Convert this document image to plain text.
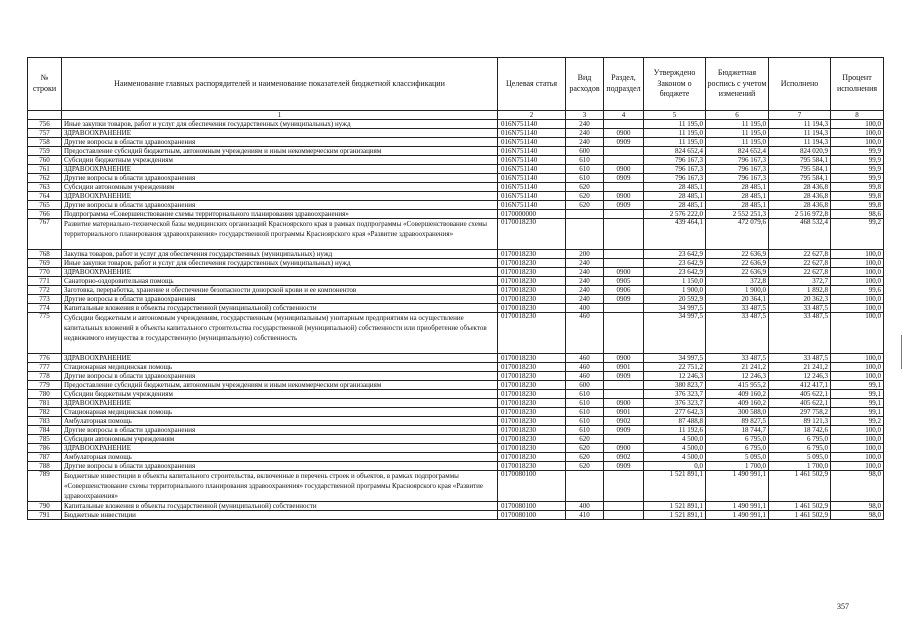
№ строки	Наименование главных распорядителей и наименование показателей бюджетной классификации	Целевая статья	Вид расходов	Раздел, подраздел	Утверждено Законом о бюджете	Бюджетная роспись с учетом изменений	Исполнено	Процент исполнения
	1	2	3	4	5	6	7	8
756	Иные закупки товаров, работ и услуг для обеспечения государственных (муниципальных) нужд	016N751140	240		11 195,0	11 195,0	11 194,3	100,0
757	ЗДРАВООХРАНЕНИЕ	016N751140	240	0900	11 195,0	11 195,0	11 194,3	100,0
758	Другие вопросы в области здравоохранения	016N751140	240	0909	11 195,0	11 195,0	11 194,3	100,0
759	Предоставление субсидий бюджетным, автономным учреждениям и иным некоммерческим организациям	016N751140	600		824 652,4	824 652,4	824 020,9	99,9
760	Субсидии бюджетным учреждениям	016N751140	610		796 167,3	796 167,3	795 584,1	99,9
761	ЗДРАВООХРАНЕНИЕ	016N751140	610	0900	796 167,3	796 167,3	795 584,1	99,9
762	Другие вопросы в области здравоохранения	016N751140	610	0909	796 167,3	796 167,3	795 584,1	99,9
763	Субсидии автономным учреждениям	016N751140	620		28 485,1	28 485,1	28 436,8	99,8
764	ЗДРАВООХРАНЕНИЕ	016N751140	620	0900	28 485,1	28 485,1	28 436,8	99,8
765	Другие вопросы в области здравоохранения	016N751140	620	0909	28 485,1	28 485,1	28 436,8	99,8
766	Подпрограмма «Совершенствование схемы территориального планирования здравоохранения»	0170000000			2 576 222,0	2 552 251,3	2 516 972,8	98,6
767	Развитие материально-технической базы медицинских организаций Красноярского края в рамках подпрограммы «Совершенствование схемы территориального планирования здравоохранения» государственной программы Красноярского края «Развитие здравоохранения»	0170018230			439 464,1	472 079,6	468 532,4	99,2
768	Закупка товаров, работ и услуг для обеспечения государственных (муниципальных) нужд	0170018230	200		23 642,9	22 636,9	22 627,8	100,0
769	Иные закупки товаров, работ и услуг для обеспечения государственных (муниципальных) нужд	0170018230	240		23 642,9	22 636,9	22 627,8	100,0
770	ЗДРАВООХРАНЕНИЕ	0170018230	240	0900	23 642,9	22 636,9	22 627,8	100,0
771	Санаторно-оздоровительная помощь	0170018230	240	0905	1 150,0	372,8	372,7	100,0
772	Заготовка, переработка, хранение и обеспечение безопасности донорской крови и ее компонентов	0170018230	240	0906	1 900,0	1 900,0	1 892,8	99,6
773	Другие вопросы в области здравоохранения	0170018230	240	0909	20 592,9	20 364,1	20 362,3	100,0
774	Капитальные вложения в объекты государственной (муниципальной) собственности	0170018230	400		34 997,5	33 487,5	33 487,5	100,0
775	Субсидии бюджетным и автономным учреждениям, государственным (муниципальным) унитарным предприятиям на осуществление капитальных вложений в объекты капитального строительства государственной (муниципальной) собственности или приобретение объектов недвижимого имущества в государственную (муниципальную) собственность	0170018230	460		34 997,5	33 487,5	33 487,5	100,0
776	ЗДРАВООХРАНЕНИЕ	0170018230	460	0900	34 997,5	33 487,5	33 487,5	100,0
777	Стационарная медицинская помощь	0170018230	460	0901	22 751,2	21 241,2	21 241,2	100,0
778	Другие вопросы в области здравоохранения	0170018230	460	0909	12 246,3	12 246,3	12 246,3	100,0
779	Предоставление субсидий бюджетным, автономным учреждениям и иным некоммерческим организациям	0170018230	600		380 823,7	415 955,2	412 417,1	99,1
780	Субсидии бюджетным учреждениям	0170018230	610		376 323,7	409 160,2	405 622,1	99,1
781	ЗДРАВООХРАНЕНИЕ	0170018230	610	0900	376 323,7	409 160,2	405 622,1	99,1
782	Стационарная медицинская помощь	0170018230	610	0901	277 642,3	300 588,0	297 758,2	99,1
783	Амбулаторная помощь	0170018230	610	0902	87 488,8	89 827,5	89 121,3	99,2
784	Другие вопросы в области здравоохранения	0170018230	610	0909	11 192,6	18 744,7	18 742,6	100,0
785	Субсидии автономным учреждениям	0170018230	620		4 500,0	6 795,0	6 795,0	100,0
786	ЗДРАВООХРАНЕНИЕ	0170018230	620	0900	4 500,0	6 795,0	6 795,0	100,0
787	Амбулаторная помощь	0170018230	620	0902	4 500,0	5 095,0	5 095,0	100,0
788	Другие вопросы в области здравоохранения	0170018230	620	0909	0,0	1 700,0	1 700,0	100,0
789	Бюджетные инвестиции в объекты капитального строительства, включенные в перечень строек и объектов, в рамках подпрограммы «Совершенствование схемы территориального планирования здравоохранения» государственной программы Красноярского края «Развитие здравоохранения»	0170080100			1 521 891,1	1 490 991,1	1 461 502,9	98,0
790	Капитальные вложения в объекты государственной (муниципальной) собственности	0170080100	400		1 521 891,1	1 490 991,1	1 461 502,9	98,0
791	Бюджетные инвестиции	0170080100	410		1 521 891,1	1 490 991,1	1 461 502,9	98,0
357
